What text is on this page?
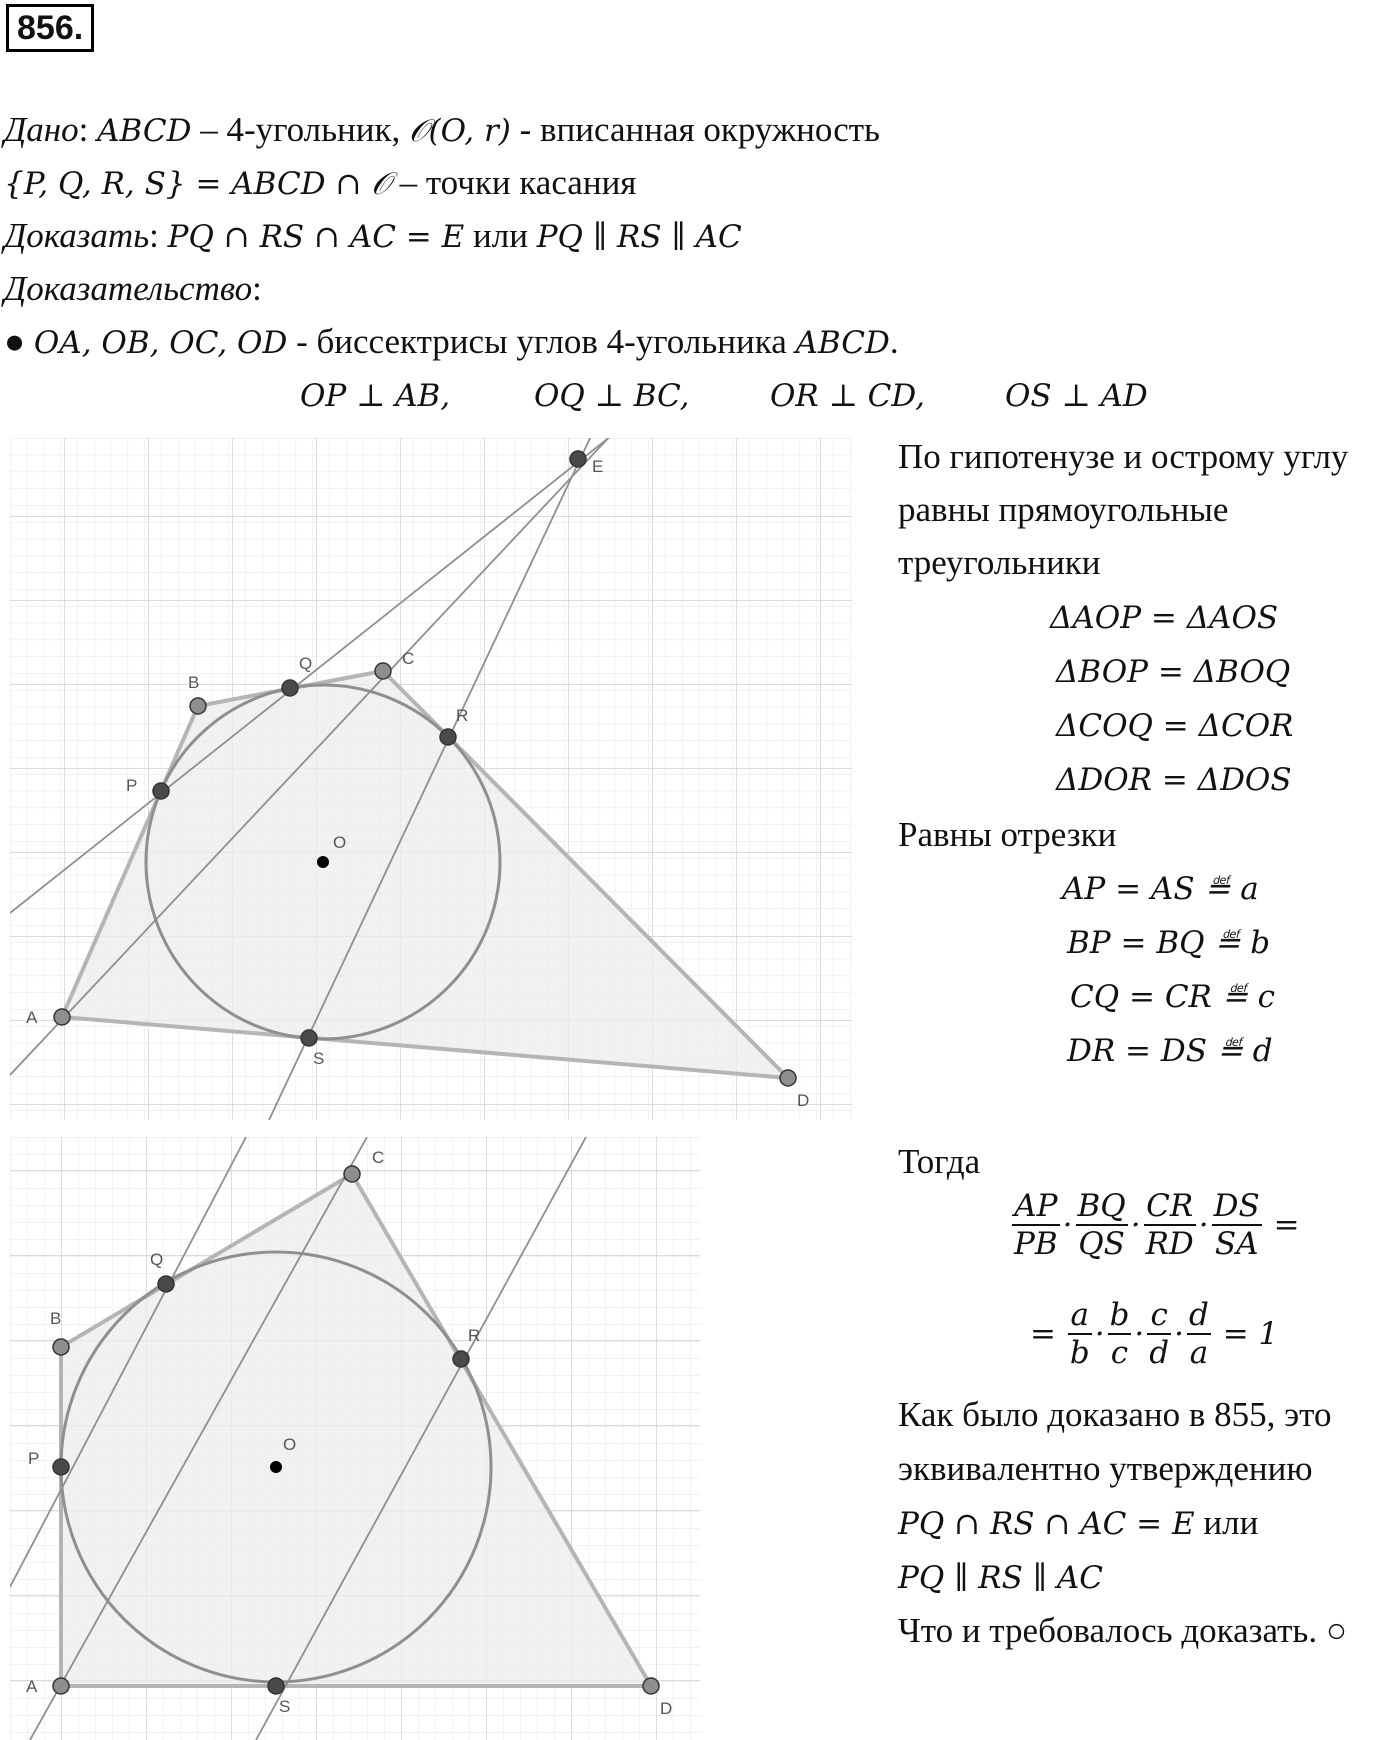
856.
Дано: ABCD – 4-угольник, 𝒪(O, r) - вписанная окружность
{P, Q, R, S} = ABCD ∩ 𝒪 – точки касания
Доказать: PQ ∩ RS ∩ AC = E или PQ ∥ RS ∥ AC
Доказательство:
● OA, OB, OC, OD - биссектрисы углов 4-угольника ABCD.
OP ⊥ AB,	OQ ⊥ BC,	OR ⊥ CD,	OS ⊥ AD
По гипотенузе и острому углу
равны прямоугольные
треугольники
ΔAOP = ΔAOS
ΔBOP = ΔBOQ
ΔCOQ = ΔCOR
ΔDOR = ΔDOS
Равны отрезки
AP = AS ≝ a
BP = BQ ≝ b
CQ = CR ≝ c
DR = DS ≝ d
Тогда
$\frac{AP}{PB} \cdot \frac{BQ}{QS} \cdot \frac{CR}{RD} \cdot \frac{DS}{SA}$ =
= $\frac{a}{b} \cdot \frac{b}{c} \cdot \frac{c}{d} \cdot \frac{d}{a} = 1$
Как было доказано в 855, это
эквивалентно утверждению
PQ ∩ RS ∩ AC = E или
PQ ∥ RS ∥ AC
Что и требовалось доказать. ○
A
B
C
D
P
Q
R
S
O
E
A
B
C
D
P
Q
R
S
O
